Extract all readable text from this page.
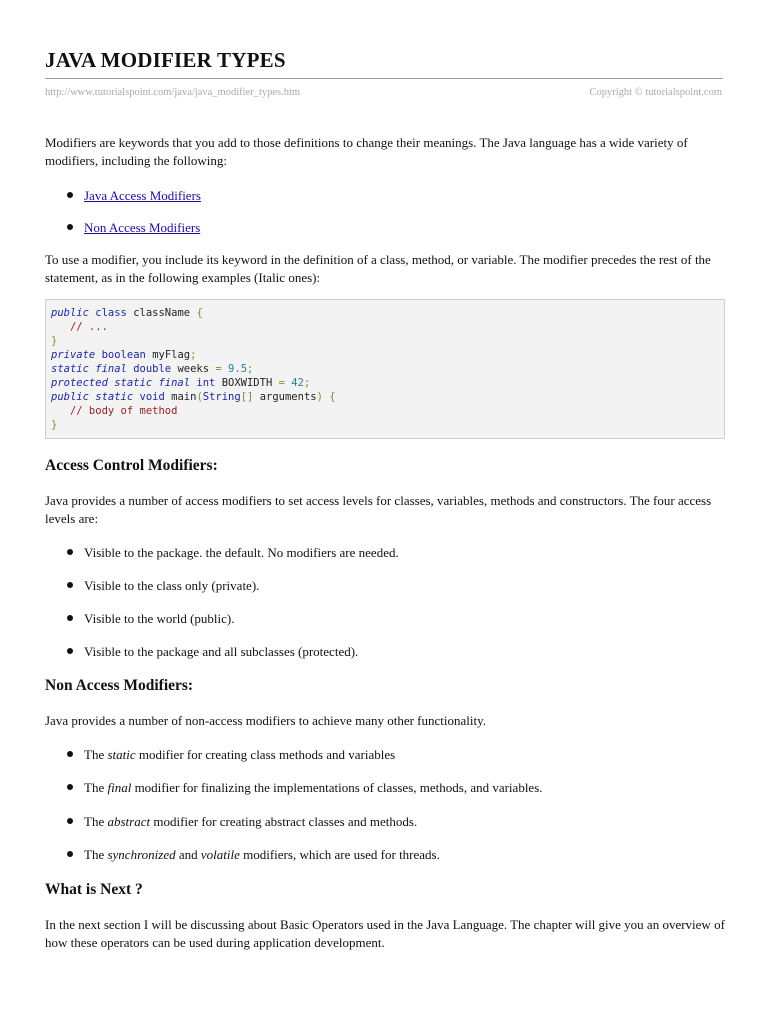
JAVA MODIFIER TYPES
http://www.tutorialspoint.com/java/java_modifier_types.htm	Copyright © tutorialspoint.com

Modifiers are keywords that you add to those definitions to change their meanings. The Java language has a wide variety of modifiers, including the following:

Java Access Modifiers
Non Access Modifiers

To use a modifier, you include its keyword in the definition of a class, method, or variable. The modifier precedes the rest of the statement, as in the following examples (Italic ones):

public class className {
// ...
}
private boolean myFlag;
static final double weeks = 9.5;
protected static final int BOXWIDTH = 42;
public static void main(String[] arguments) {
// body of method
}
Access Control Modifiers:

Java provides a number of access modifiers to set access levels for classes, variables, methods and constructors. The four access levels are:

Visible to the package. the default. No modifiers are needed.
Visible to the class only (private).
Visible to the world (public).
Visible to the package and all subclasses (protected).
Non Access Modifiers:

Java provides a number of non-access modifiers to achieve many other functionality.

The static modifier for creating class methods and variables
The final modifier for finalizing the implementations of classes, methods, and variables.
The abstract modifier for creating abstract classes and methods.
The synchronized and volatile modifiers, which are used for threads.
What is Next ?

In the next section I will be discussing about Basic Operators used in the Java Language. The chapter will give you an overview of how these operators can be used during application development.
